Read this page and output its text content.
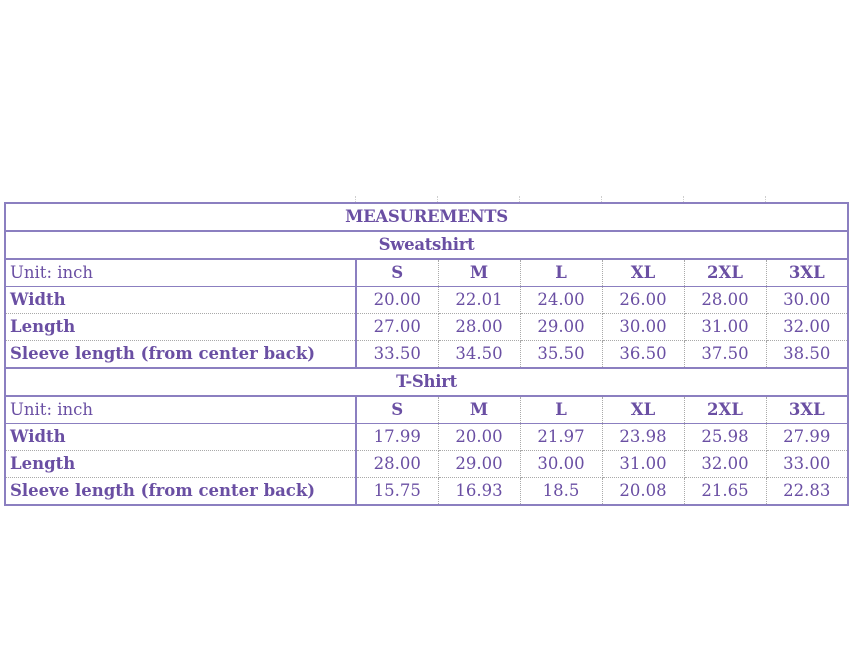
MEASUREMENTS						
Sweatshirt						
Unit: inch	S	M	L	XL	2XL	3XL
Width	20.00	22.01	24.00	26.00	28.00	30.00
Length	27.00	28.00	29.00	30.00	31.00	32.00
Sleeve length (from center back)	33.50	34.50	35.50	36.50	37.50	38.50
T-Shirt						
Unit: inch	S	M	L	XL	2XL	3XL
Width	17.99	20.00	21.97	23.98	25.98	27.99
Length	28.00	29.00	30.00	31.00	32.00	33.00
Sleeve length (from center back)	15.75	16.93	18.5	20.08	21.65	22.83
